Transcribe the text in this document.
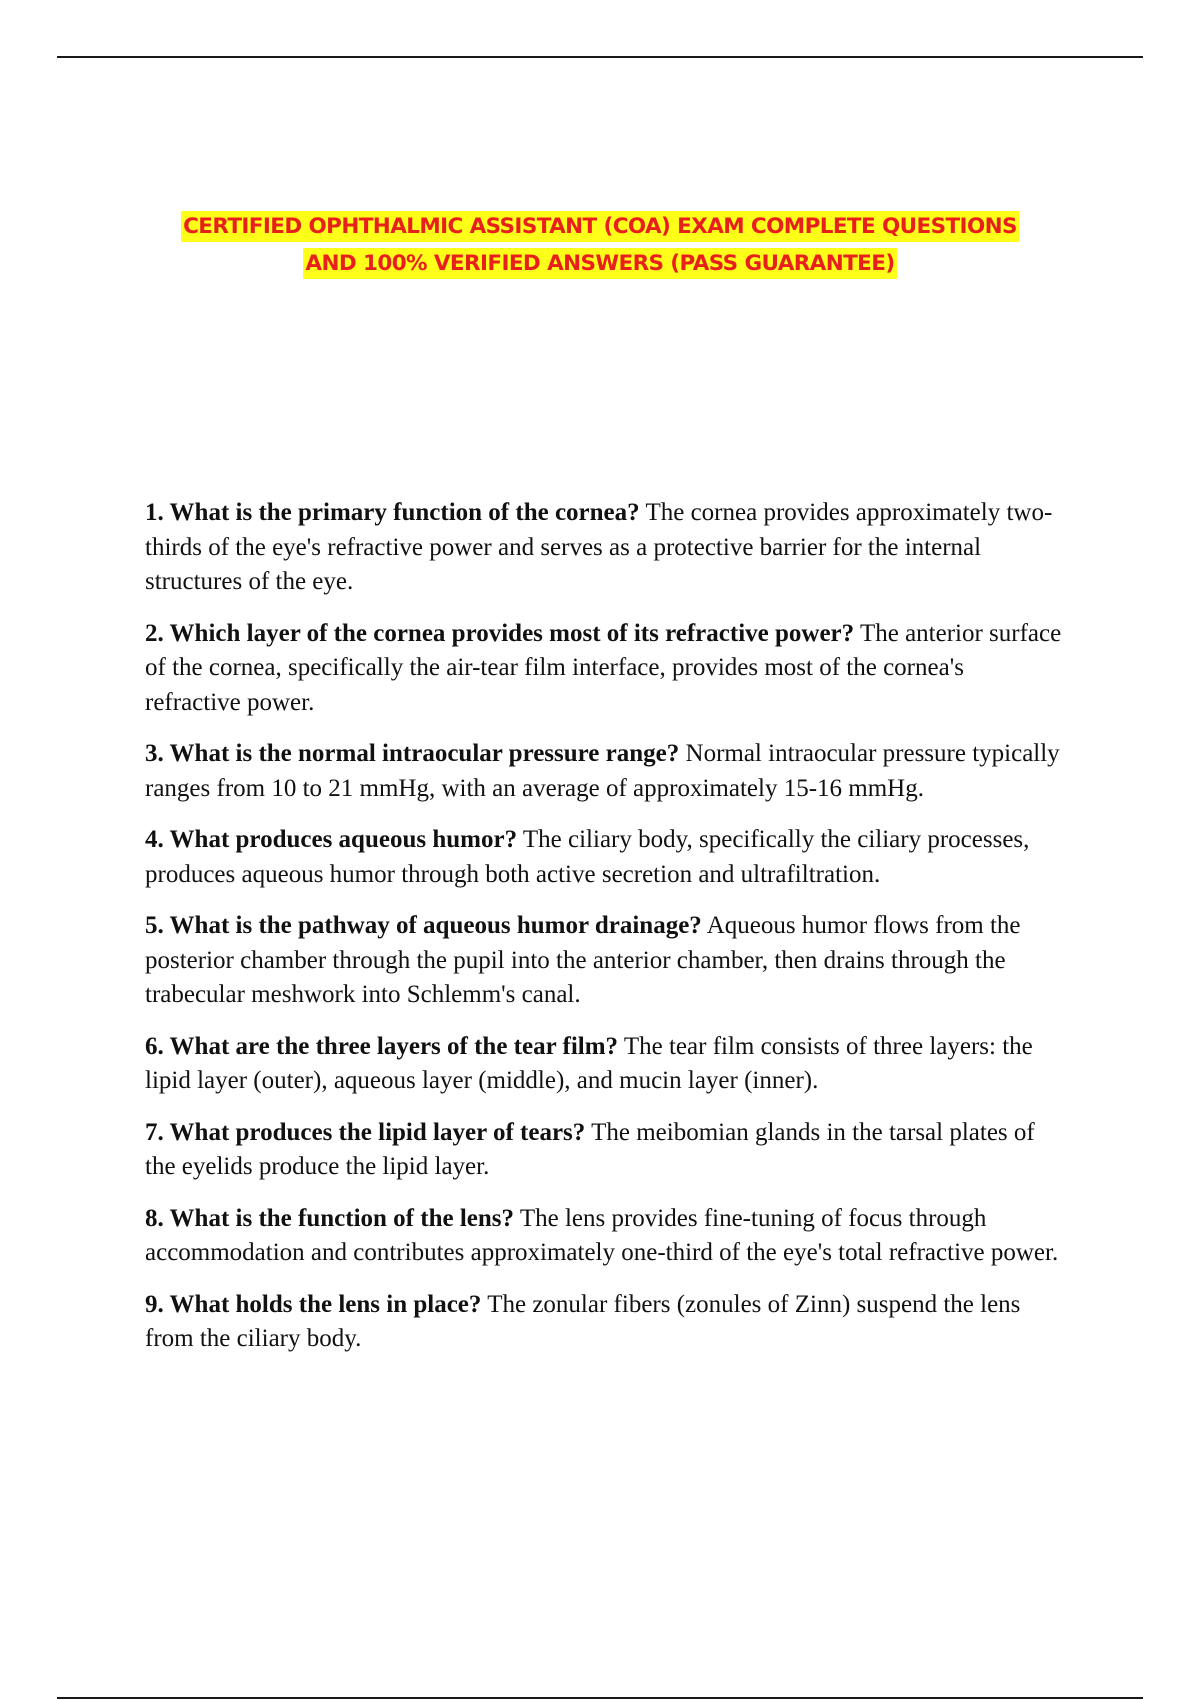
CERTIFIED OPHTHALMIC ASSISTANT (COA) EXAM COMPLETE QUESTIONS
AND 100% VERIFIED ANSWERS (PASS GUARANTEE)

1. What is the primary function of the cornea? The cornea provides approximately two-thirds of the eye's refractive power and serves as a protective barrier for the internal structures of the eye.

2. Which layer of the cornea provides most of its refractive power? The anterior surface of the cornea, specifically the air-tear film interface, provides most of the cornea's refractive power.

3. What is the normal intraocular pressure range? Normal intraocular pressure typically ranges from 10 to 21 mmHg, with an average of approximately 15-16 mmHg.

4. What produces aqueous humor? The ciliary body, specifically the ciliary processes, produces aqueous humor through both active secretion and ultrafiltration.

5. What is the pathway of aqueous humor drainage? Aqueous humor flows from the posterior chamber through the pupil into the anterior chamber, then drains through the trabecular meshwork into Schlemm's canal.

6. What are the three layers of the tear film? The tear film consists of three layers: the lipid layer (outer), aqueous layer (middle), and mucin layer (inner).

7. What produces the lipid layer of tears? The meibomian glands in the tarsal plates of the eyelids produce the lipid layer.

8. What is the function of the lens? The lens provides fine-tuning of focus through accommodation and contributes approximately one-third of the eye's total refractive power.

9. What holds the lens in place? The zonular fibers (zonules of Zinn) suspend the lens from the ciliary body.
